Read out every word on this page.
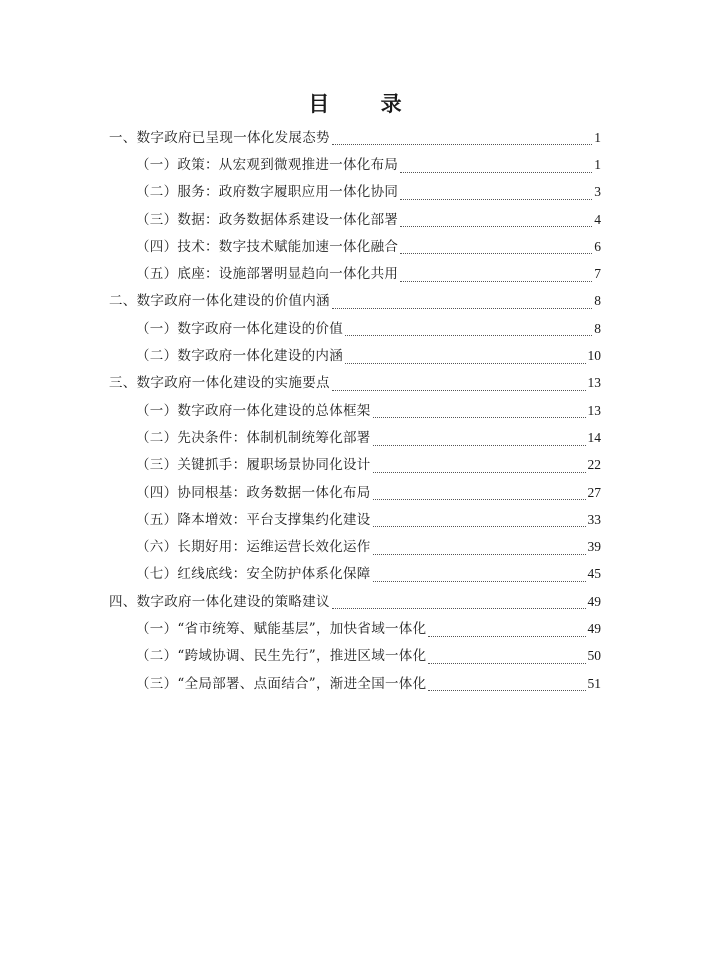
目 录
一、数字政府已呈现一体化发展态势	1
（一）政策：从宏观到微观推进一体化布局	1
（二）服务：政府数字履职应用一体化协同	3
（三）数据：政务数据体系建设一体化部署	4
（四）技术：数字技术赋能加速一体化融合	6
（五）底座：设施部署明显趋向一体化共用	7
二、数字政府一体化建设的价值内涵	8
（一）数字政府一体化建设的价值	8
（二）数字政府一体化建设的内涵	10
三、数字政府一体化建设的实施要点	13
（一）数字政府一体化建设的总体框架	13
（二）先决条件：体制机制统筹化部署	14
（三）关键抓手：履职场景协同化设计	22
（四）协同根基：政务数据一体化布局	27
（五）降本增效：平台支撑集约化建设	33
（六）长期好用：运维运营长效化运作	39
（七）红线底线：安全防护体系化保障	45
四、数字政府一体化建设的策略建议	49
（一）“省市统筹、赋能基层”，加快省域一体化	49
（二）“跨域协调、民生先行”，推进区域一体化	50
（三）“全局部署、点面结合”，渐进全国一体化	51
